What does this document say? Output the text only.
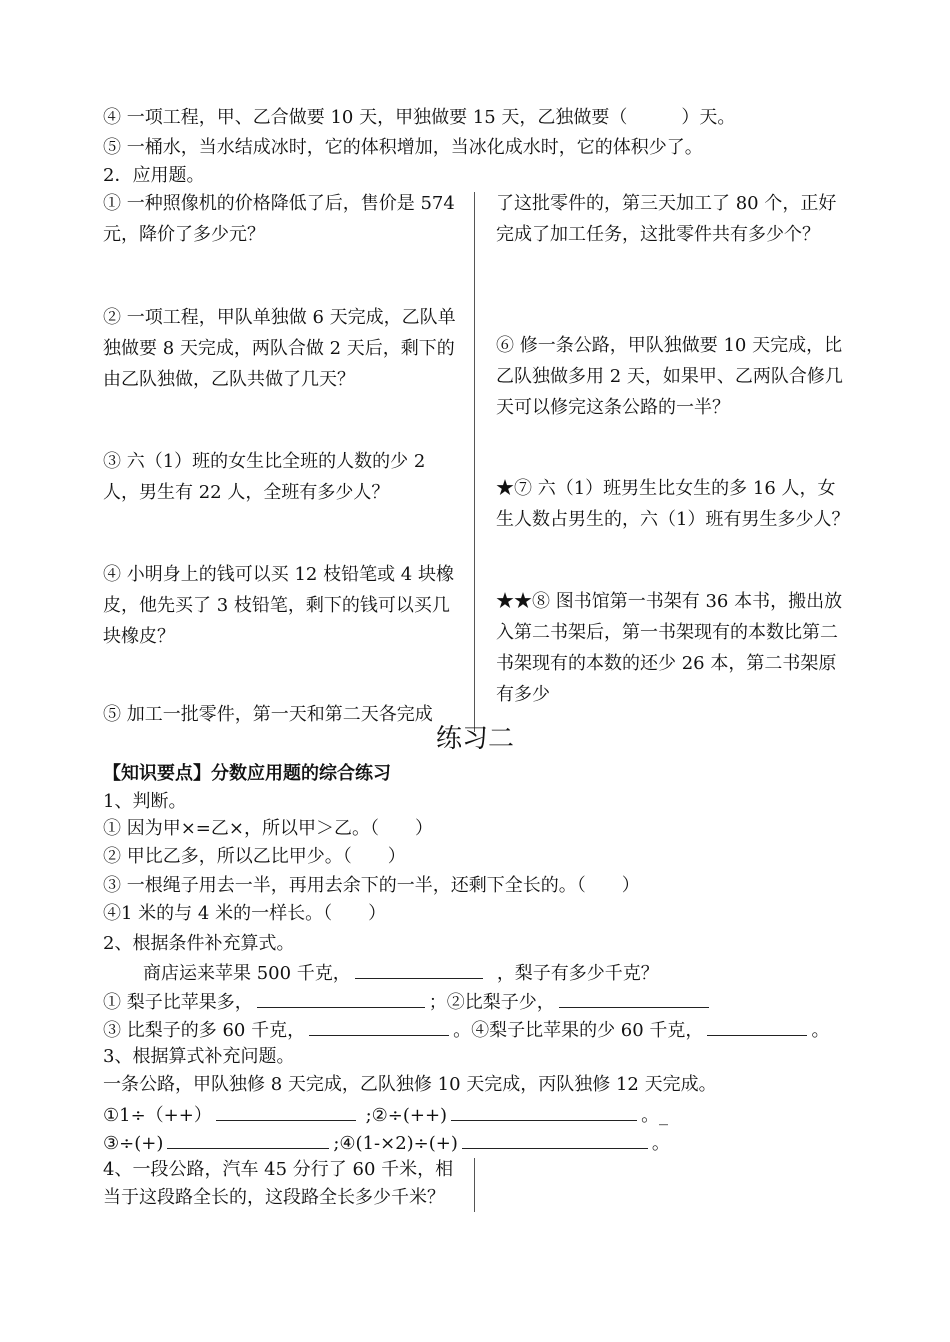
④ 一项工程，甲、乙合做要 10 天，甲独做要 15 天，乙独做要（　　　）天。
⑤ 一桶水，当水结成冰时，它的体积增加，当冰化成水时，它的体积少了。
2．应用题。
① 一种照像机的价格降低了后，售价是 574 元，降价了多少元？
② 一项工程，甲队单独做 6 天完成，乙队单独做要 8 天完成，两队合做 2 天后，剩下的由乙队独做，乙队共做了几天？
③ 六（1）班的女生比全班的人数的少 2 人，男生有 22 人，全班有多少人？
④ 小明身上的钱可以买 12 枝铅笔或 4 块橡皮，他先买了 3 枝铅笔，剩下的钱可以买几块橡皮？
⑤ 加工一批零件，第一天和第二天各完成
了这批零件的，第三天加工了 80 个，正好完成了加工任务，这批零件共有多少个？
⑥ 修一条公路，甲队独做要 10 天完成，比乙队独做多用 2 天，如果甲、乙两队合修几天可以修完这条公路的一半？
★⑦ 六（1）班男生比女生的多 16 人，女生人数占男生的，六（1）班有男生多少人？
★★⑧ 图书馆第一书架有 36 本书，搬出放入第二书架后，第一书架现有的本数比第二书架现有的本数的还少 26 本，第二书架原有多少
练习二
【知识要点】分数应用题的综合练习
1、判断。
① 因为甲×=乙×，所以甲＞乙。（　　）
② 甲比乙多，所以乙比甲少。（　　）
③ 一根绳子用去一半，再用去余下的一半，还剩下全长的。（　　）
④1 米的与 4 米的一样长。（　　）
2、根据条件补充算式。
商店运来苹果 500 千克，	，梨子有多少千克？
① 梨子比苹果多，	；②比梨子少，
③ 比梨子的多 60 千克，	。④梨子比苹果的少 60 千克，	。
3、根据算式补充问题。
一条公路，甲队独修 8 天完成，乙队独修 10 天完成，丙队独修 12 天完成。
①1÷（++）	;②÷(++)	。_
③÷(+)	;④(1-×2)÷(+)	。
4、一段公路，汽车 45 分行了 60 千米，相当于这段路全长的，这段路全长多少千米？
